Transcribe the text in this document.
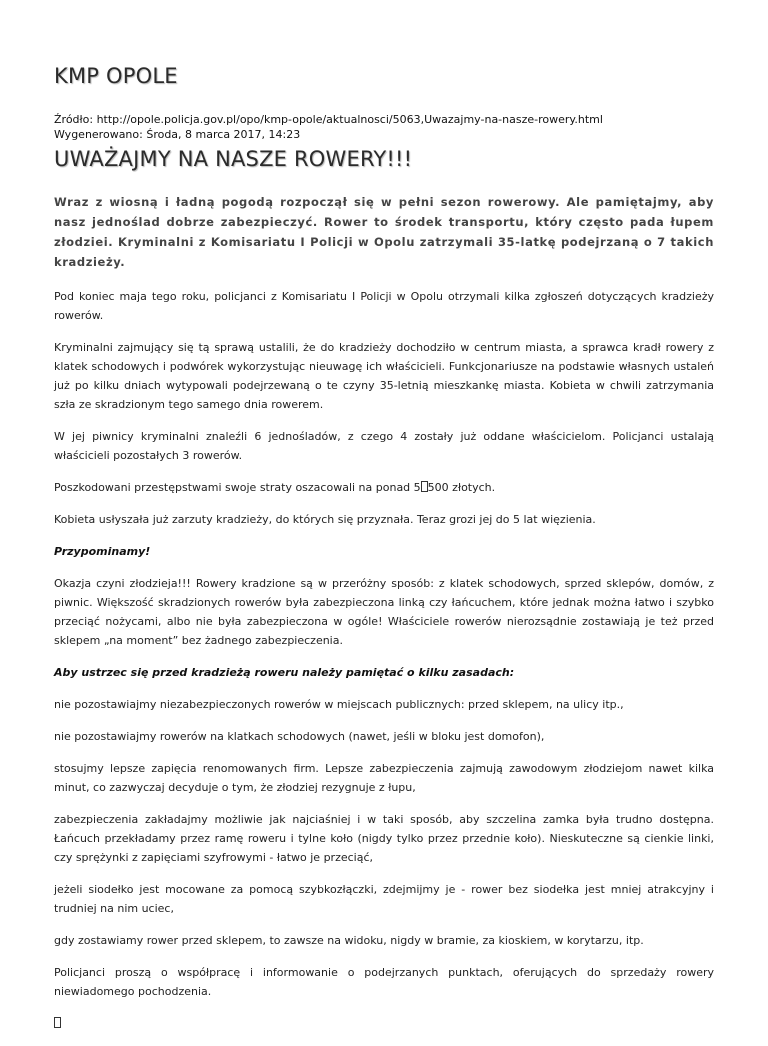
KMP OPOLE
Źródło: http://opole.policja.gov.pl/opo/kmp-opole/aktualnosci/5063,Uwazajmy-na-nasze-rowery.html
Wygenerowano: Środa, 8 marca 2017, 14:23
UWAŻAJMY NA NASZE ROWERY!!!

Wraz z wiosną i ładną pogodą rozpoczął się w pełni sezon rowerowy. Ale pamiętajmy, aby nasz jednoślad dobrze zabezpieczyć. Rower to środek transportu, który często pada łupem złodziei. Kryminalni z Komisariatu I Policji w Opolu zatrzymali 35-latkę podejrzaną o 7 takich kradzieży.

Pod koniec maja tego roku, policjanci z Komisariatu I Policji w Opolu otrzymali kilka zgłoszeń dotyczących kradzieży rowerów.

Kryminalni zajmujący się tą sprawą ustalili, że do kradzieży dochodziło w centrum miasta, a sprawca kradł rowery z klatek schodowych i podwórek wykorzystując nieuwagę ich właścicieli. Funkcjonariusze na podstawie własnych ustaleń już po kilku dniach wytypowali podejrzewaną o te czyny 35-letnią mieszkankę miasta. Kobieta w chwili zatrzymania szła ze skradzionym tego samego dnia rowerem.

W jej piwnicy kryminalni znaleźli 6 jednośladów, z czego 4 zostały już oddane właścicielom. Policjanci ustalają właścicieli pozostałych 3 rowerów.

Poszkodowani przestępstwami swoje straty oszacowali na ponad 5 500 złotych.

Kobieta usłyszała już zarzuty kradzieży, do których się przyznała. Teraz grozi jej do 5 lat więzienia.

Przypominamy!

Okazja czyni złodzieja!!! Rowery kradzione są w przeróżny sposób: z klatek schodowych, sprzed sklepów, domów, z piwnic. Większość skradzionych rowerów była zabezpieczona linką czy łańcuchem, które jednak można łatwo i szybko przeciąć nożycami, albo nie była zabezpieczona w ogóle! Właściciele rowerów nierozsądnie zostawiają je też przed sklepem „na moment” bez żadnego zabezpieczenia.

Aby ustrzec się przed kradzieżą roweru należy pamiętać o kilku zasadach:

nie pozostawiajmy niezabezpieczonych rowerów w miejscach publicznych: przed sklepem, na ulicy itp.,

nie pozostawiajmy rowerów na klatkach schodowych (nawet, jeśli w bloku jest domofon),

stosujmy lepsze zapięcia renomowanych firm. Lepsze zabezpieczenia zajmują zawodowym złodziejom nawet kilka minut, co zazwyczaj decyduje o tym, że złodziej rezygnuje z łupu,

zabezpieczenia zakładajmy możliwie jak najciaśniej i w taki sposób, aby szczelina zamka była trudno dostępna. Łańcuch przekładamy przez ramę roweru i tylne koło (nigdy tylko przez przednie koło). Nieskuteczne są cienkie linki, czy sprężynki z zapięciami szyfrowymi - łatwo je przeciąć,

jeżeli siodełko jest mocowane za pomocą szybkozłączki, zdejmijmy je - rower bez siodełka jest mniej atrakcyjny i trudniej na nim uciec,

gdy zostawiamy rower przed sklepem, to zawsze na widoku, nigdy w bramie, za kioskiem, w korytarzu, itp.

Policjanci proszą o współpracę i informowanie o podejrzanych punktach, oferujących do sprzedaży rowery niewiadomego pochodzenia.
